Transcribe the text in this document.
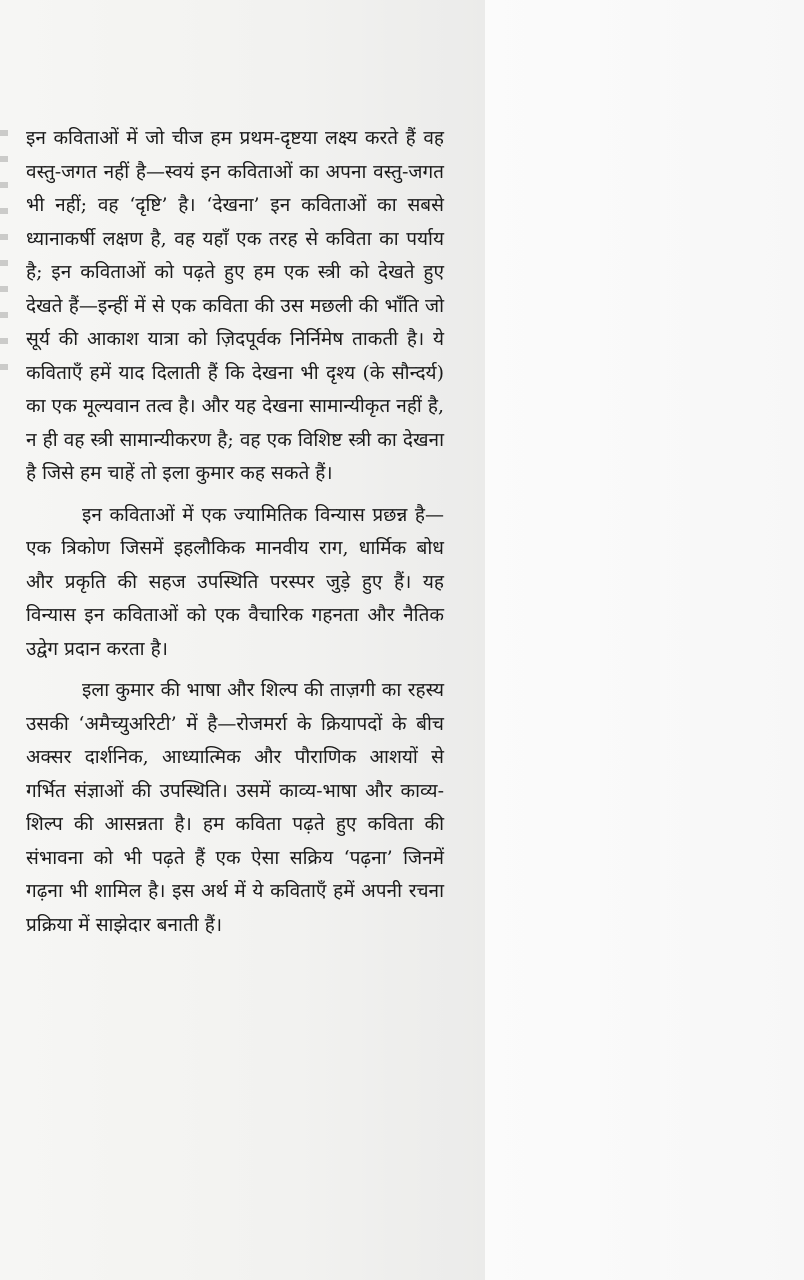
इन कविताओं में जो चीज हम प्रथम-दृष्टया लक्ष्य करते हैं वह वस्तु-जगत नहीं है—स्वयं इन कविताओं का अपना वस्तु-जगत भी नहीं; वह ‘दृष्टि’ है। ‘देखना’ इन कविताओं का सबसे ध्यानाकर्षी लक्षण है, वह यहाँ एक तरह से कविता का पर्याय है; इन कविताओं को पढ़ते हुए हम एक स्त्री को देखते हुए देखते हैं—इन्हीं में से एक कविता की उस मछली की भाँति जो सूर्य की आकाश यात्रा को ज़िदपूर्वक निर्निमेष ताकती है। ये कविताएँ हमें याद दिलाती हैं कि देखना भी दृश्य (के सौन्दर्य) का एक मूल्यवान तत्व है। और यह देखना सामान्यीकृत नहीं है, न ही वह स्त्री सामान्यीकरण है; वह एक विशिष्ट स्त्री का देखना है जिसे हम चाहें तो इला कुमार कह सकते हैं।

इन कविताओं में एक ज्यामितिक विन्यास प्रछन्न है—एक त्रिकोण जिसमें इहलौकिक मानवीय राग, धार्मिक बोध और प्रकृति की सहज उपस्थिति परस्पर जुड़े हुए हैं। यह विन्यास इन कविताओं को एक वैचारिक गहनता और नैतिक उद्वेग प्रदान करता है।

इला कुमार की भाषा और शिल्प की ताज़गी का रहस्य उसकी ‘अमैच्युअरिटी’ में है—रोजमर्रा के क्रियापदों के बीच अक्सर दार्शनिक, आध्यात्मिक और पौराणिक आशयों से गर्भित संज्ञाओं की उपस्थिति। उसमें काव्य-भाषा और काव्य-शिल्प की आसन्नता है। हम कविता पढ़ते हुए कविता की संभावना को भी पढ़ते हैं एक ऐसा सक्रिय ‘पढ़ना’ जिनमें गढ़ना भी शामिल है। इस अर्थ में ये कविताएँ हमें अपनी रचना प्रक्रिया में साझेदार बनाती हैं।
